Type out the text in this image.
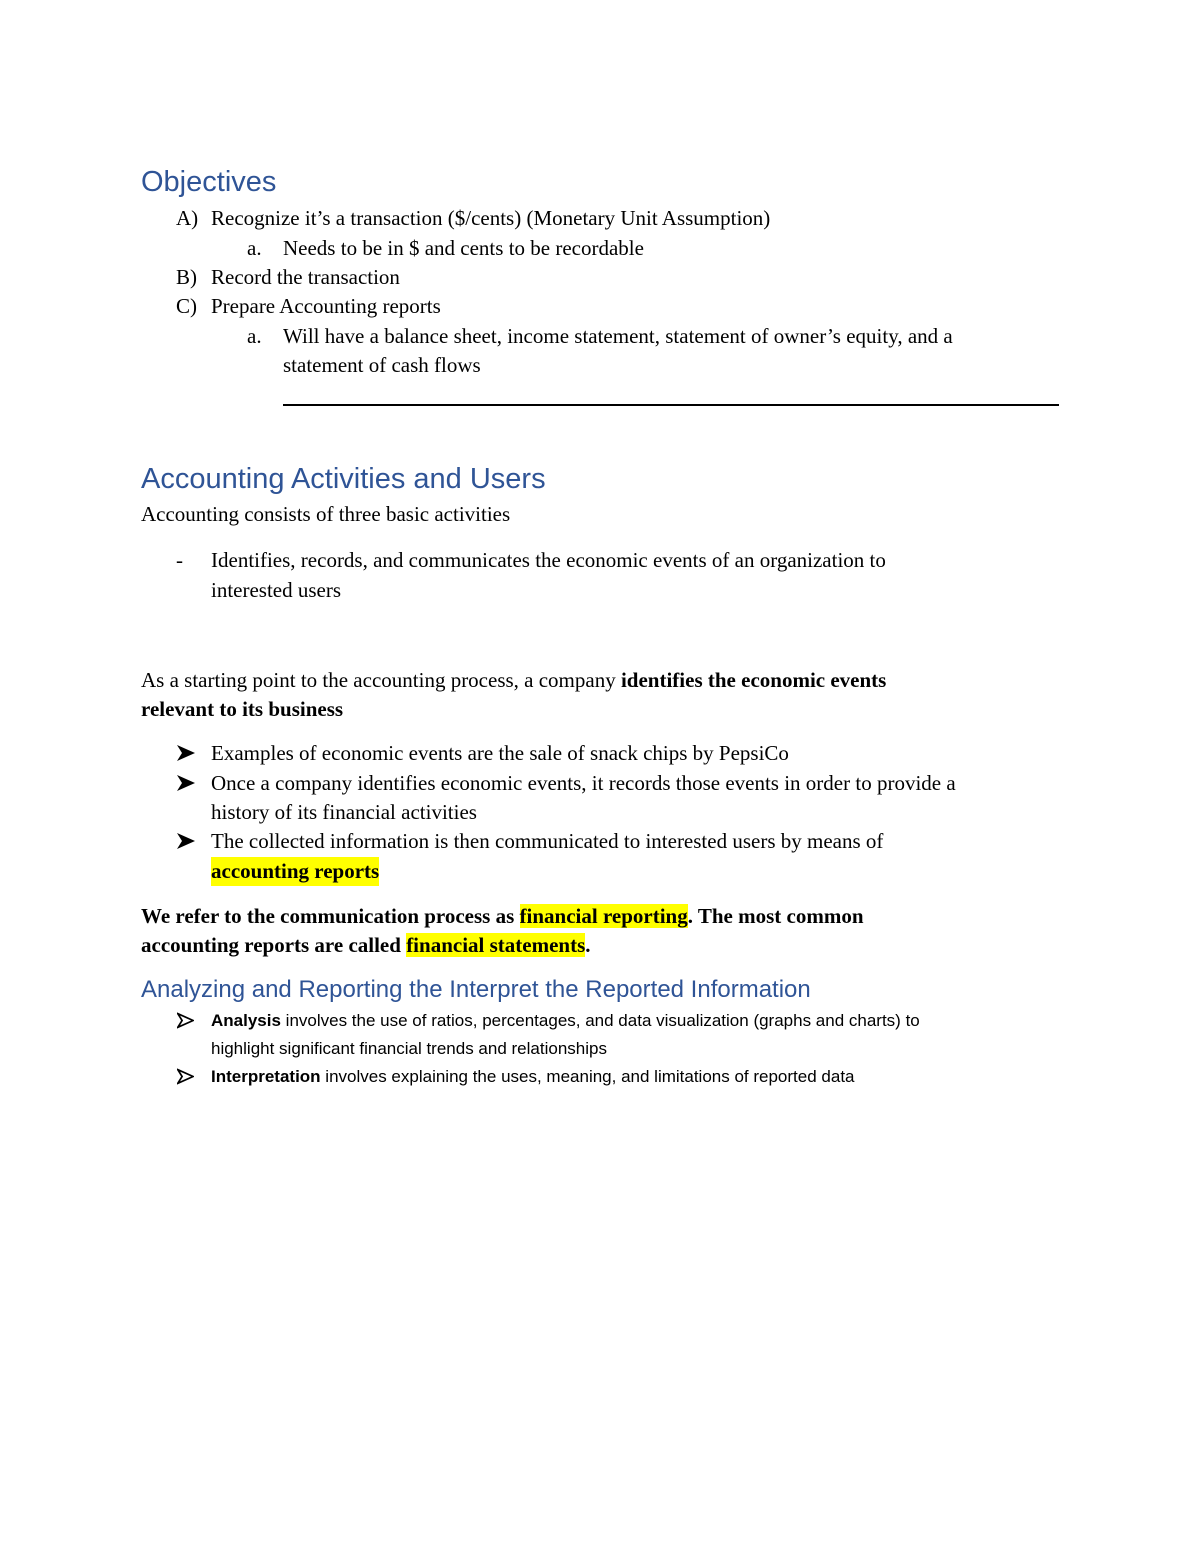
Objectives
A) Recognize it’s a transaction ($/cents) (Monetary Unit Assumption)
a. Needs to be in $ and cents to be recordable
B) Record the transaction
C) Prepare Accounting reports
a. Will have a balance sheet, income statement, statement of owner’s equity, and a
statement of cash flows
Accounting Activities and Users
Accounting consists of three basic activities
- Identifies, records, and communicates the economic events of an organization to
interested users
As a starting point to the accounting process, a company identifies the economic events
relevant to its business
Examples of economic events are the sale of snack chips by PepsiCo
Once a company identifies economic events, it records those events in order to provide a
history of its financial activities
The collected information is then communicated to interested users by means of
accounting reports
We refer to the communication process as financial reporting. The most common
accounting reports are called financial statements.
Analyzing and Reporting the Interpret the Reported Information
Analysis involves the use of ratios, percentages, and data visualization (graphs and charts) to
highlight significant financial trends and relationships
Interpretation involves explaining the uses, meaning, and limitations of reported data
